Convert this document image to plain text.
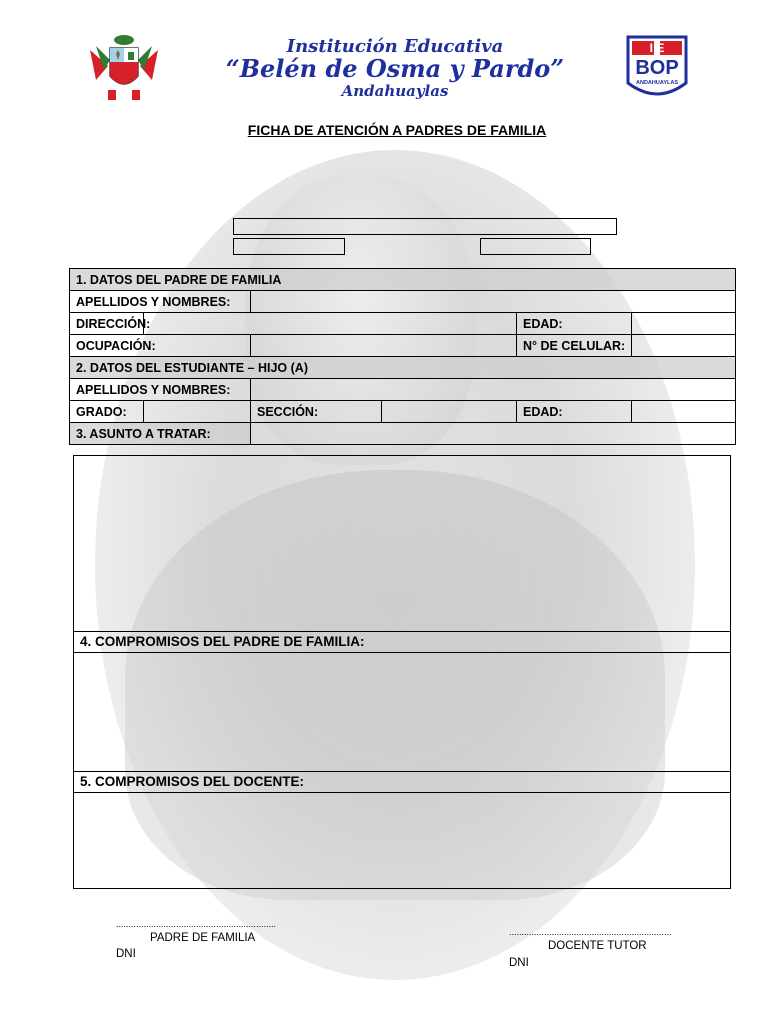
Institución Educativa
“Belén de Osma y Pardo”
Andahuaylas
I E
BOP
ANDAHUAYLAS
FICHA DE ATENCIÓN A PADRES DE FAMILIA
1. DATOS DEL PADRE DE FAMILIA					
APELLIDOS Y NOMBRES:					
DIRECCIÓN:				EDAD:	
OCUPACIÓN:				N° DE CELULAR:	
2. DATOS DEL ESTUDIANTE – HIJO (A)					
APELLIDOS Y NOMBRES:					
GRADO:		SECCIÓN:		EDAD:	
3. ASUNTO A TRATAR:					
4. COMPROMISOS DEL PADRE DE FAMILIA:
5. COMPROMISOS DEL DOCENTE:
................................................................
PADRE DE FAMILIA
DNI
.................................................................
DOCENTE TUTOR
DNI
